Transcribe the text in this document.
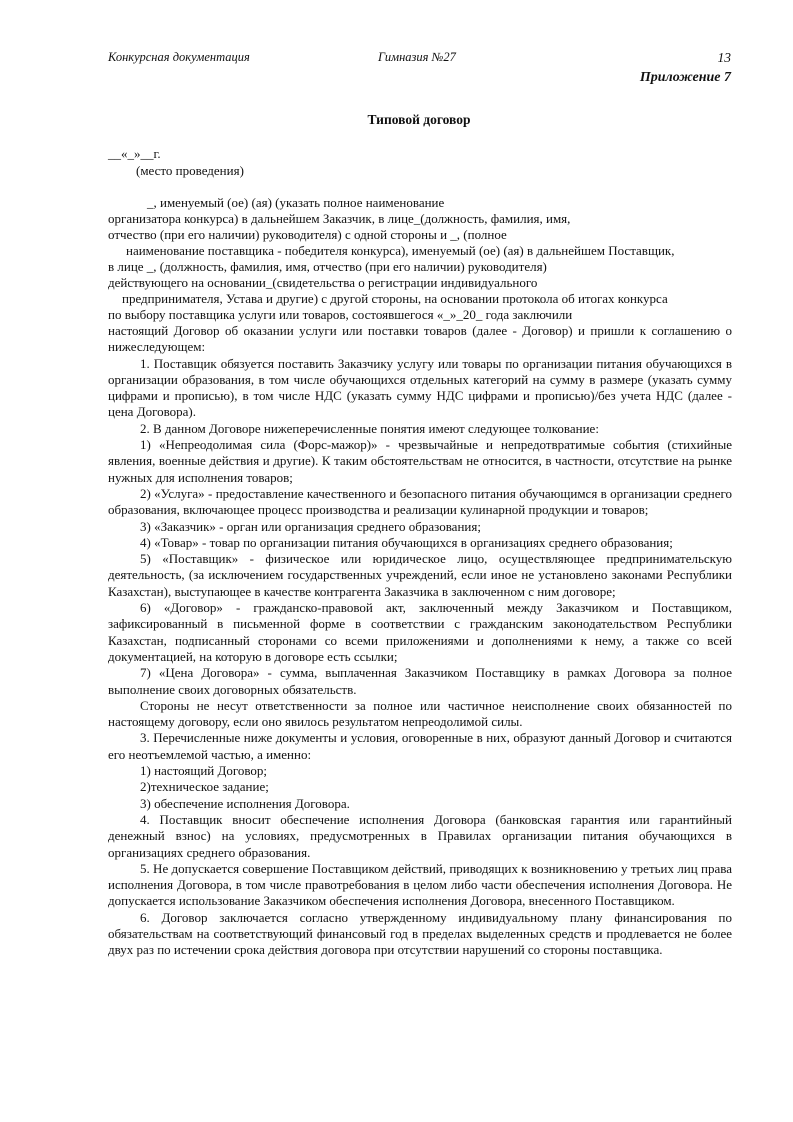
Конкурсная документация	Гимназия №27	13
Приложение 7
Типовой договор
__«_»__г.
(место проведения)
_, именуемый (ое) (ая) (указать полное наименование
организатора конкурса) в дальнейшем Заказчик, в лице_(должность, фамилия, имя,
отчество (при его наличии) руководителя) с одной стороны и _, (полное
наименование поставщика - победителя конкурса), именуемый (ое) (ая) в дальнейшем Поставщик,
в лице _, (должность, фамилия, имя, отчество (при его наличии) руководителя)
действующего на основании_(свидетельства о регистрации индивидуального
предпринимателя, Устава и другие) с другой стороны, на основании протокола об итогах конкурса
по выбору поставщика услуги или товаров, состоявшегося «_»_20_ года заключили

настоящий Договор об оказании услуги или поставки товаров (далее - Договор) и пришли к соглашению о нижеследующем:

1. Поставщик обязуется поставить Заказчику услугу или товары по организации питания обучающихся в организации образования, в том числе обучающихся отдельных категорий на сумму в размере (указать сумму цифрами и прописью), в том числе НДС (указать сумму НДС цифрами и прописью)/без учета НДС (далее - цена Договора).

2. В данном Договоре нижеперечисленные понятия имеют следующее толкование:

1) «Непреодолимая сила (Форс-мажор)» - чрезвычайные и непредотвратимые события (стихийные явления, военные действия и другие). К таким обстоятельствам не относится, в частности, отсутствие на рынке нужных для исполнения товаров;

2) «Услуга» - предоставление качественного и безопасного питания обучающимся в организации среднего образования, включающее процесс производства и реализации кулинарной продукции и товаров;

3) «Заказчик» - орган или организация среднего образования;

4) «Товар» - товар по организации питания обучающихся в организациях среднего образования;

5) «Поставщик» - физическое или юридическое лицо, осуществляющее предпринимательскую деятельность, (за исключением государственных учреждений, если иное не установлено законами Республики Казахстан), выступающее в качестве контрагента Заказчика в заключенном с ним договоре;

6) «Договор» - гражданско-правовой акт, заключенный между Заказчиком и Поставщиком, зафиксированный в письменной форме в соответствии с гражданским законодательством Республики Казахстан, подписанный сторонами со всеми приложениями и дополнениями к нему, а также со всей документацией, на которую в договоре есть ссылки;

7) «Цена Договора» - сумма, выплаченная Заказчиком Поставщику в рамках Договора за полное выполнение своих договорных обязательств.

Стороны не несут ответственности за полное или частичное неисполнение своих обязанностей по настоящему договору, если оно явилось результатом непреодолимой силы.

3. Перечисленные ниже документы и условия, оговоренные в них, образуют данный Договор и считаются его неотъемлемой частью, а именно:

1) настоящий Договор;

2)техническое задание;

3) обеспечение исполнения Договора.

4. Поставщик вносит обеспечение исполнения Договора (банковская гарантия или гарантийный денежный взнос) на условиях, предусмотренных в Правилах организации питания обучающихся в организациях среднего образования.

5. Не допускается совершение Поставщиком действий, приводящих к возникновению у третьих лиц права исполнения Договора, в том числе правотребования в целом либо части обеспечения исполнения Договора. Не допускается использование Заказчиком обеспечения исполнения Договора, внесенного Поставщиком.

6. Договор заключается согласно утвержденному индивидуальному плану финансирования по обязательствам на соответствующий финансовый год в пределах выделенных средств и продлевается не более двух раз по истечении срока действия договора при отсутствии нарушений со стороны поставщика.
